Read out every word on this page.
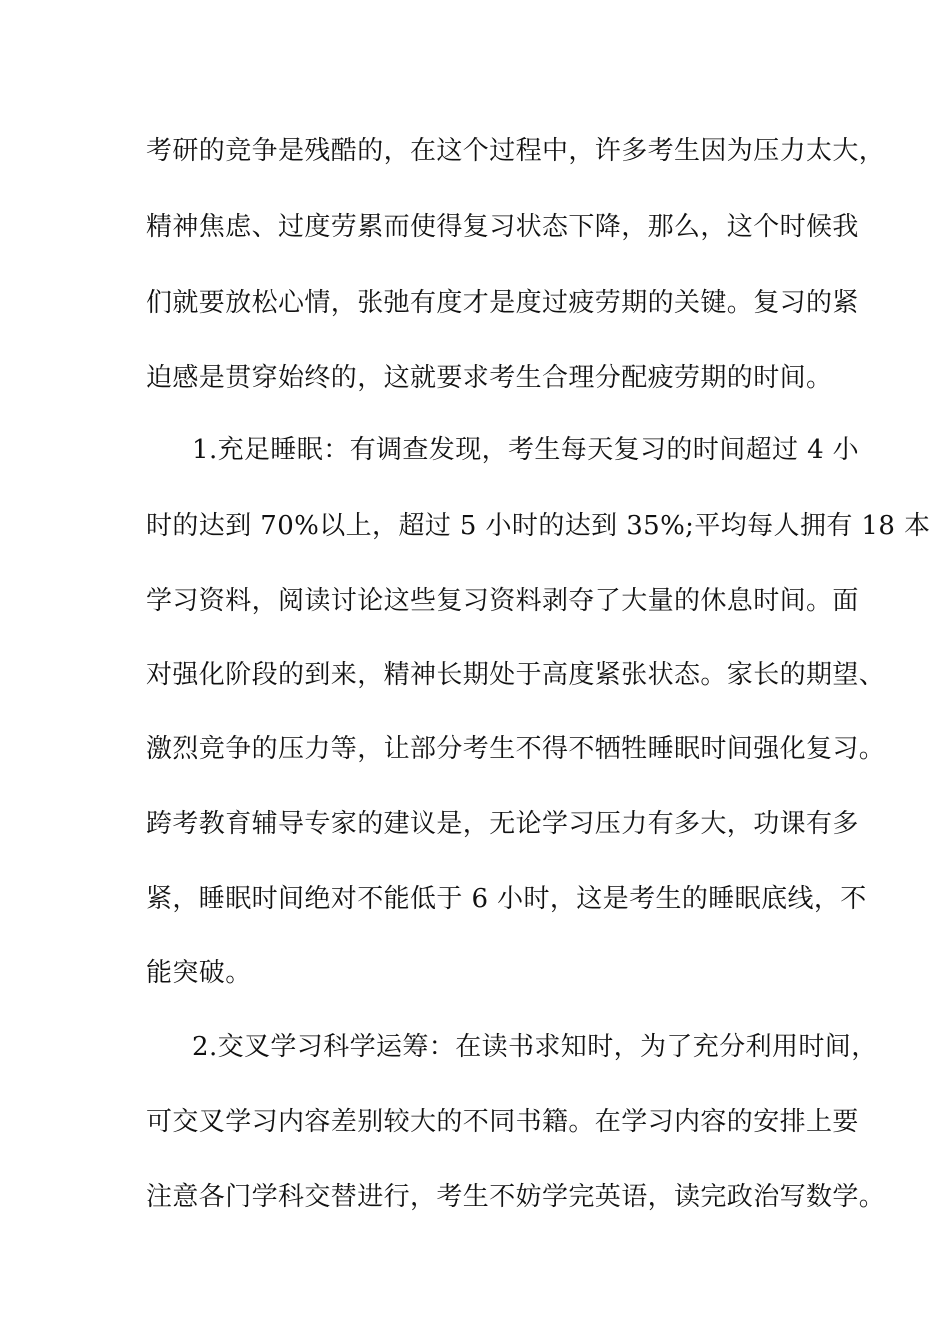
考研的竞争是残酷的，在这个过程中，许多考生因为压力太大，
精神焦虑、过度劳累而使得复习状态下降，那么，这个时候我
们就要放松心情，张弛有度才是度过疲劳期的关键。复习的紧
迫感是贯穿始终的，这就要求考生合理分配疲劳期的时间。
1.充足睡眠：有调查发现，考生每天复习的时间超过 4 小
时的达到 70%以上，超过 5 小时的达到 35%;平均每人拥有 18 本
学习资料，阅读讨论这些复习资料剥夺了大量的休息时间。面
对强化阶段的到来，精神长期处于高度紧张状态。家长的期望、
激烈竞争的压力等，让部分考生不得不牺牲睡眠时间强化复习。
跨考教育辅导专家的建议是，无论学习压力有多大，功课有多
紧，睡眠时间绝对不能低于 6 小时，这是考生的睡眠底线，不
能突破。
2.交叉学习科学运筹：在读书求知时，为了充分利用时间，
可交叉学习内容差别较大的不同书籍。在学习内容的安排上要
注意各门学科交替进行，考生不妨学完英语，读完政治写数学。
